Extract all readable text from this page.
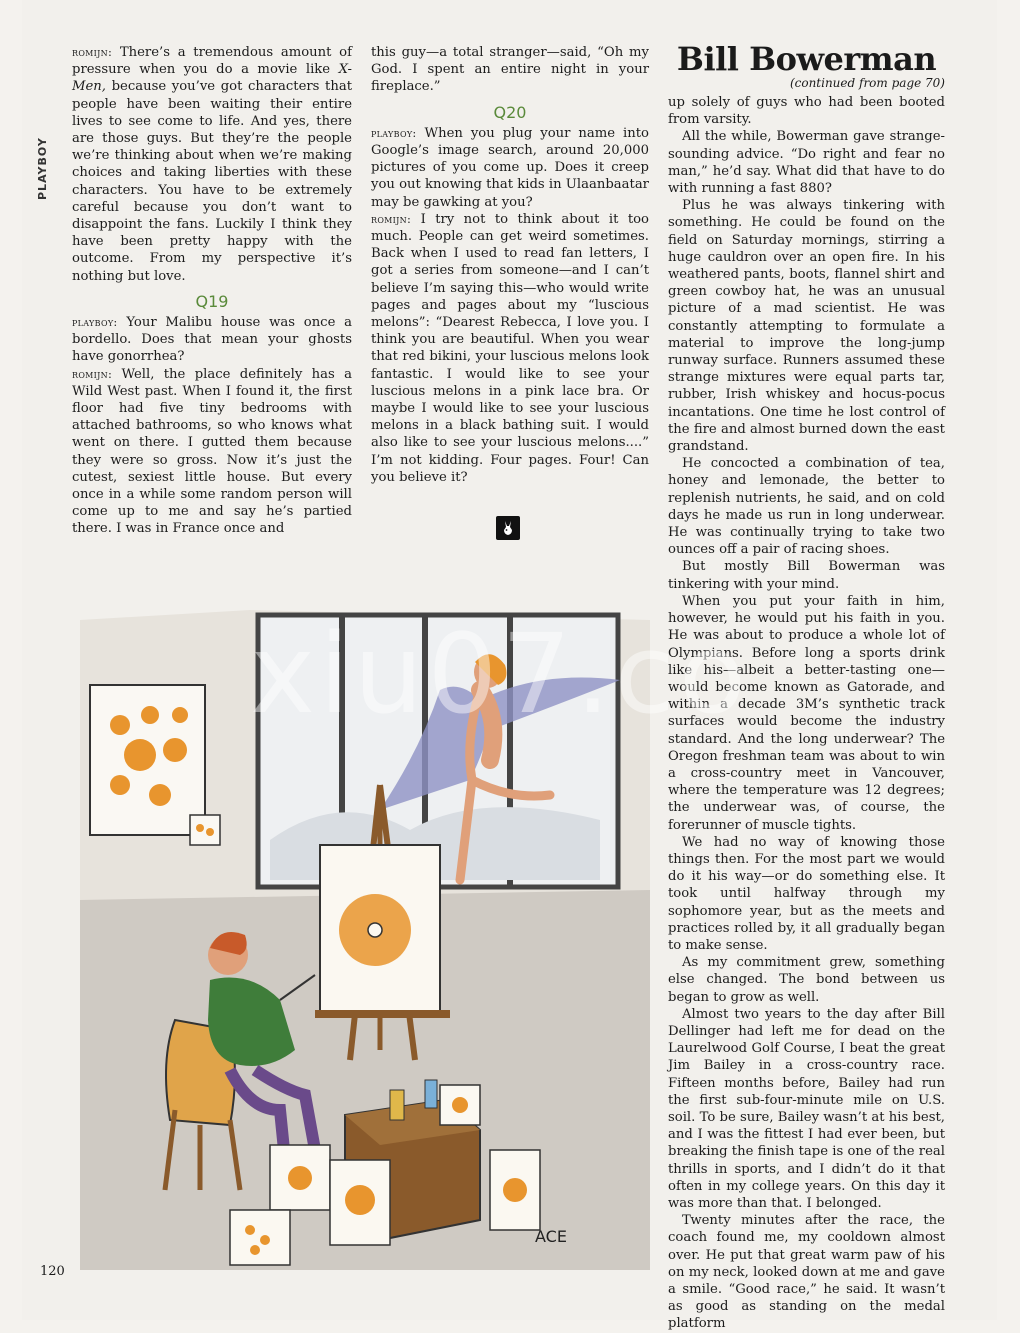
PLAYBOY

romijn: There’s a tremendous amount of pressure when you do a movie like X-Men, because you’ve got characters that people have been waiting their entire lives to see come to life. And yes, there are those guys. But they’re the people we’re thinking about when we’re making choices and taking liberties with these characters. You have to be extremely careful because you don’t want to disappoint the fans. Luckily I think they have been pretty happy with the outcome. From my perspective it’s nothing but love.

Q19

playboy: Your Malibu house was once a bordello. Does that mean your ghosts have gonorrhea?

romijn: Well, the place definitely has a Wild West past. When I found it, the first floor had five tiny bedrooms with attached bathrooms, so who knows what went on there. I gutted them because they were so gross. Now it’s just the cutest, sexiest little house. But every once in a while some random person will come up to me and say he’s partied there. I was in France once and

this guy—a total stranger—said, “Oh my God. I spent an entire night in your fireplace.”

Q20

playboy: When you plug your name into Google’s image search, around 20,000 pictures of you come up. Does it creep you out knowing that kids in Ulaanbaatar may be gawking at you?

romijn: I try not to think about it too much. People can get weird sometimes. Back when I used to read fan letters, I got a series from someone—and I can’t believe I’m saying this—who would write pages and pages about my “luscious melons”: “Dearest Rebecca, I love you. I think you are beautiful. When you wear that red bikini, your luscious melons look fantastic. I would like to see your luscious melons in a pink lace bra. Or maybe I would like to see your luscious melons in a black bathing suit. I would also like to see your luscious melons....” I’m not kidding. Four pages. Four! Can you believe it?

Bill Bowerman
(continued from page 70)

up solely of guys who had been booted from varsity.

All the while, Bowerman gave strange-sounding advice. “Do right and fear no man,” he’d say. What did that have to do with running a fast 880?

Plus he was always tinkering with something. He could be found on the field on Saturday mornings, stirring a huge cauldron over an open fire. In his weathered pants, boots, flannel shirt and green cowboy hat, he was an unusual picture of a mad scientist. He was constantly attempting to formulate a material to improve the long-jump runway surface. Runners assumed these strange mixtures were equal parts tar, rubber, Irish whiskey and hocus-pocus incantations. One time he lost control of the fire and almost burned down the east grandstand.

He concocted a combination of tea, honey and lemonade, the better to replenish nutrients, he said, and on cold days he made us run in long underwear. He was continually trying to take two ounces off a pair of racing shoes.

But mostly Bill Bowerman was tinkering with your mind.

When you put your faith in him, however, he would put his faith in you. He was about to produce a whole lot of Olympians. Before long a sports drink like his—albeit a better-tasting one—would become known as Gatorade, and within a decade 3M’s synthetic track surfaces would become the industry standard. And the long underwear? The Oregon freshman team was about to win a cross-country meet in Vancouver, where the temperature was 12 degrees; the underwear was, of course, the forerunner of muscle tights.

We had no way of knowing those things then. For the most part we would do it his way—or do something else. It took until halfway through my sophomore year, but as the meets and practices rolled by, it all gradually began to make sense.

As my commitment grew, something else changed. The bond between us began to grow as well.

Almost two years to the day after Bill Dellinger had left me for dead on the Laurelwood Golf Course, I beat the great Jim Bailey in a cross-country race. Fifteen months before, Bailey had run the first sub-four-minute mile on U.S. soil. To be sure, Bailey wasn’t at his best, and I was the fittest I had ever been, but breaking the finish tape is one of the real thrills in sports, and I didn’t do it that often in my college years. On this day it was more than that. I belonged.

Twenty minutes after the race, the coach found me, my cooldown almost over. He put that great warm paw of his on my neck, looked down at me and gave a smile. “Good race,” he said. It wasn’t as good as standing on the medal platform

ACE
xiu07.co
120
